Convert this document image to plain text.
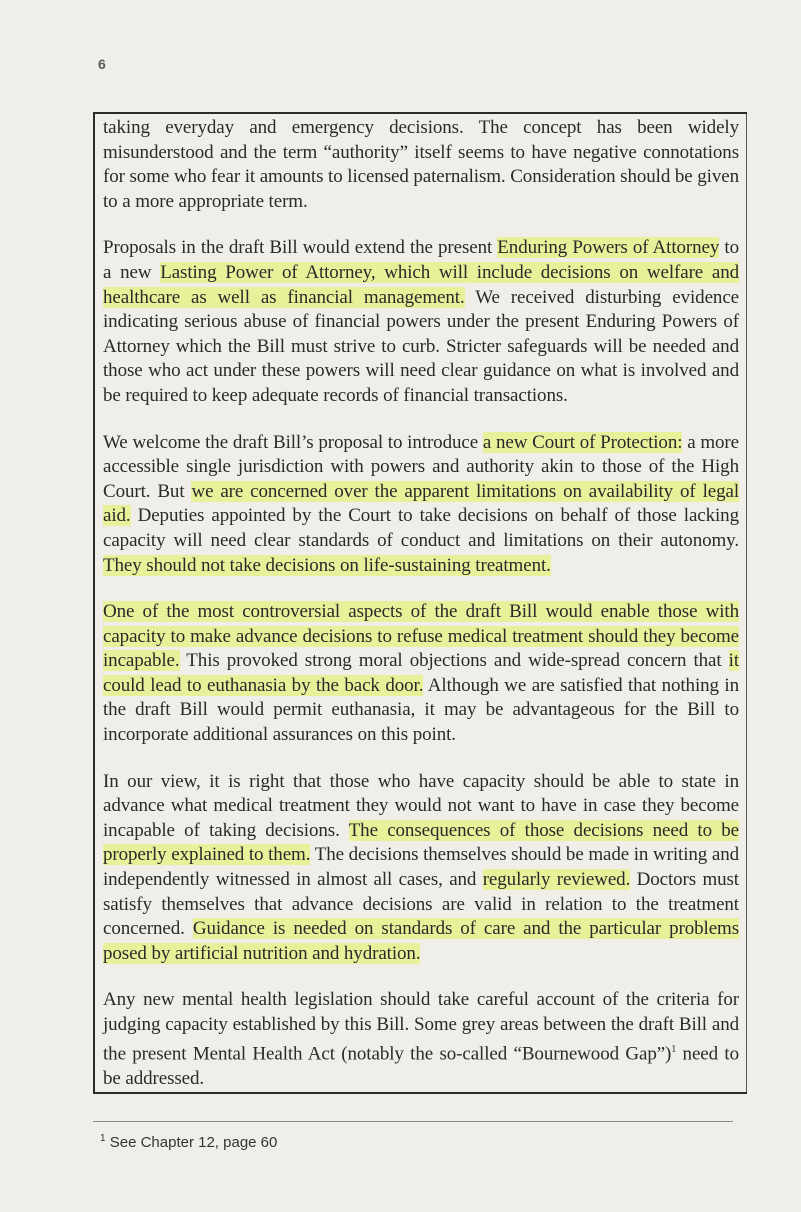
6

taking everyday and emergency decisions. The concept has been widely misunderstood and the term “authority” itself seems to have negative connotations for some who fear it amounts to licensed paternalism. Consideration should be given to a more appropriate term.

Proposals in the draft Bill would extend the present Enduring Powers of Attorney to a new Lasting Power of Attorney, which will include decisions on welfare and healthcare as well as financial management. We received disturbing evidence indicating serious abuse of financial powers under the present Enduring Powers of Attorney which the Bill must strive to curb. Stricter safeguards will be needed and those who act under these powers will need clear guidance on what is involved and be required to keep adequate records of financial transactions.

We welcome the draft Bill’s proposal to introduce a new Court of Protection: a more accessible single jurisdiction with powers and authority akin to those of the High Court. But we are concerned over the apparent limitations on availability of legal aid. Deputies appointed by the Court to take decisions on behalf of those lacking capacity will need clear standards of conduct and limitations on their autonomy. They should not take decisions on life-sustaining treatment.

One of the most controversial aspects of the draft Bill would enable those with capacity to make advance decisions to refuse medical treatment should they become incapable. This provoked strong moral objections and wide-spread concern that it could lead to euthanasia by the back door. Although we are satisfied that nothing in the draft Bill would permit euthanasia, it may be advantageous for the Bill to incorporate additional assurances on this point.

In our view, it is right that those who have capacity should be able to state in advance what medical treatment they would not want to have in case they become incapable of taking decisions. The consequences of those decisions need to be properly explained to them. The decisions themselves should be made in writing and independently witnessed in almost all cases, and regularly reviewed. Doctors must satisfy themselves that advance decisions are valid in relation to the treatment concerned. Guidance is needed on standards of care and the particular problems posed by artificial nutrition and hydration.

Any new mental health legislation should take careful account of the criteria for judging capacity established by this Bill. Some grey areas between the draft Bill and the present Mental Health Act (notably the so-called “Bournewood Gap”)$^1$ need to be addressed.

$^1$ See Chapter 12, page 60
